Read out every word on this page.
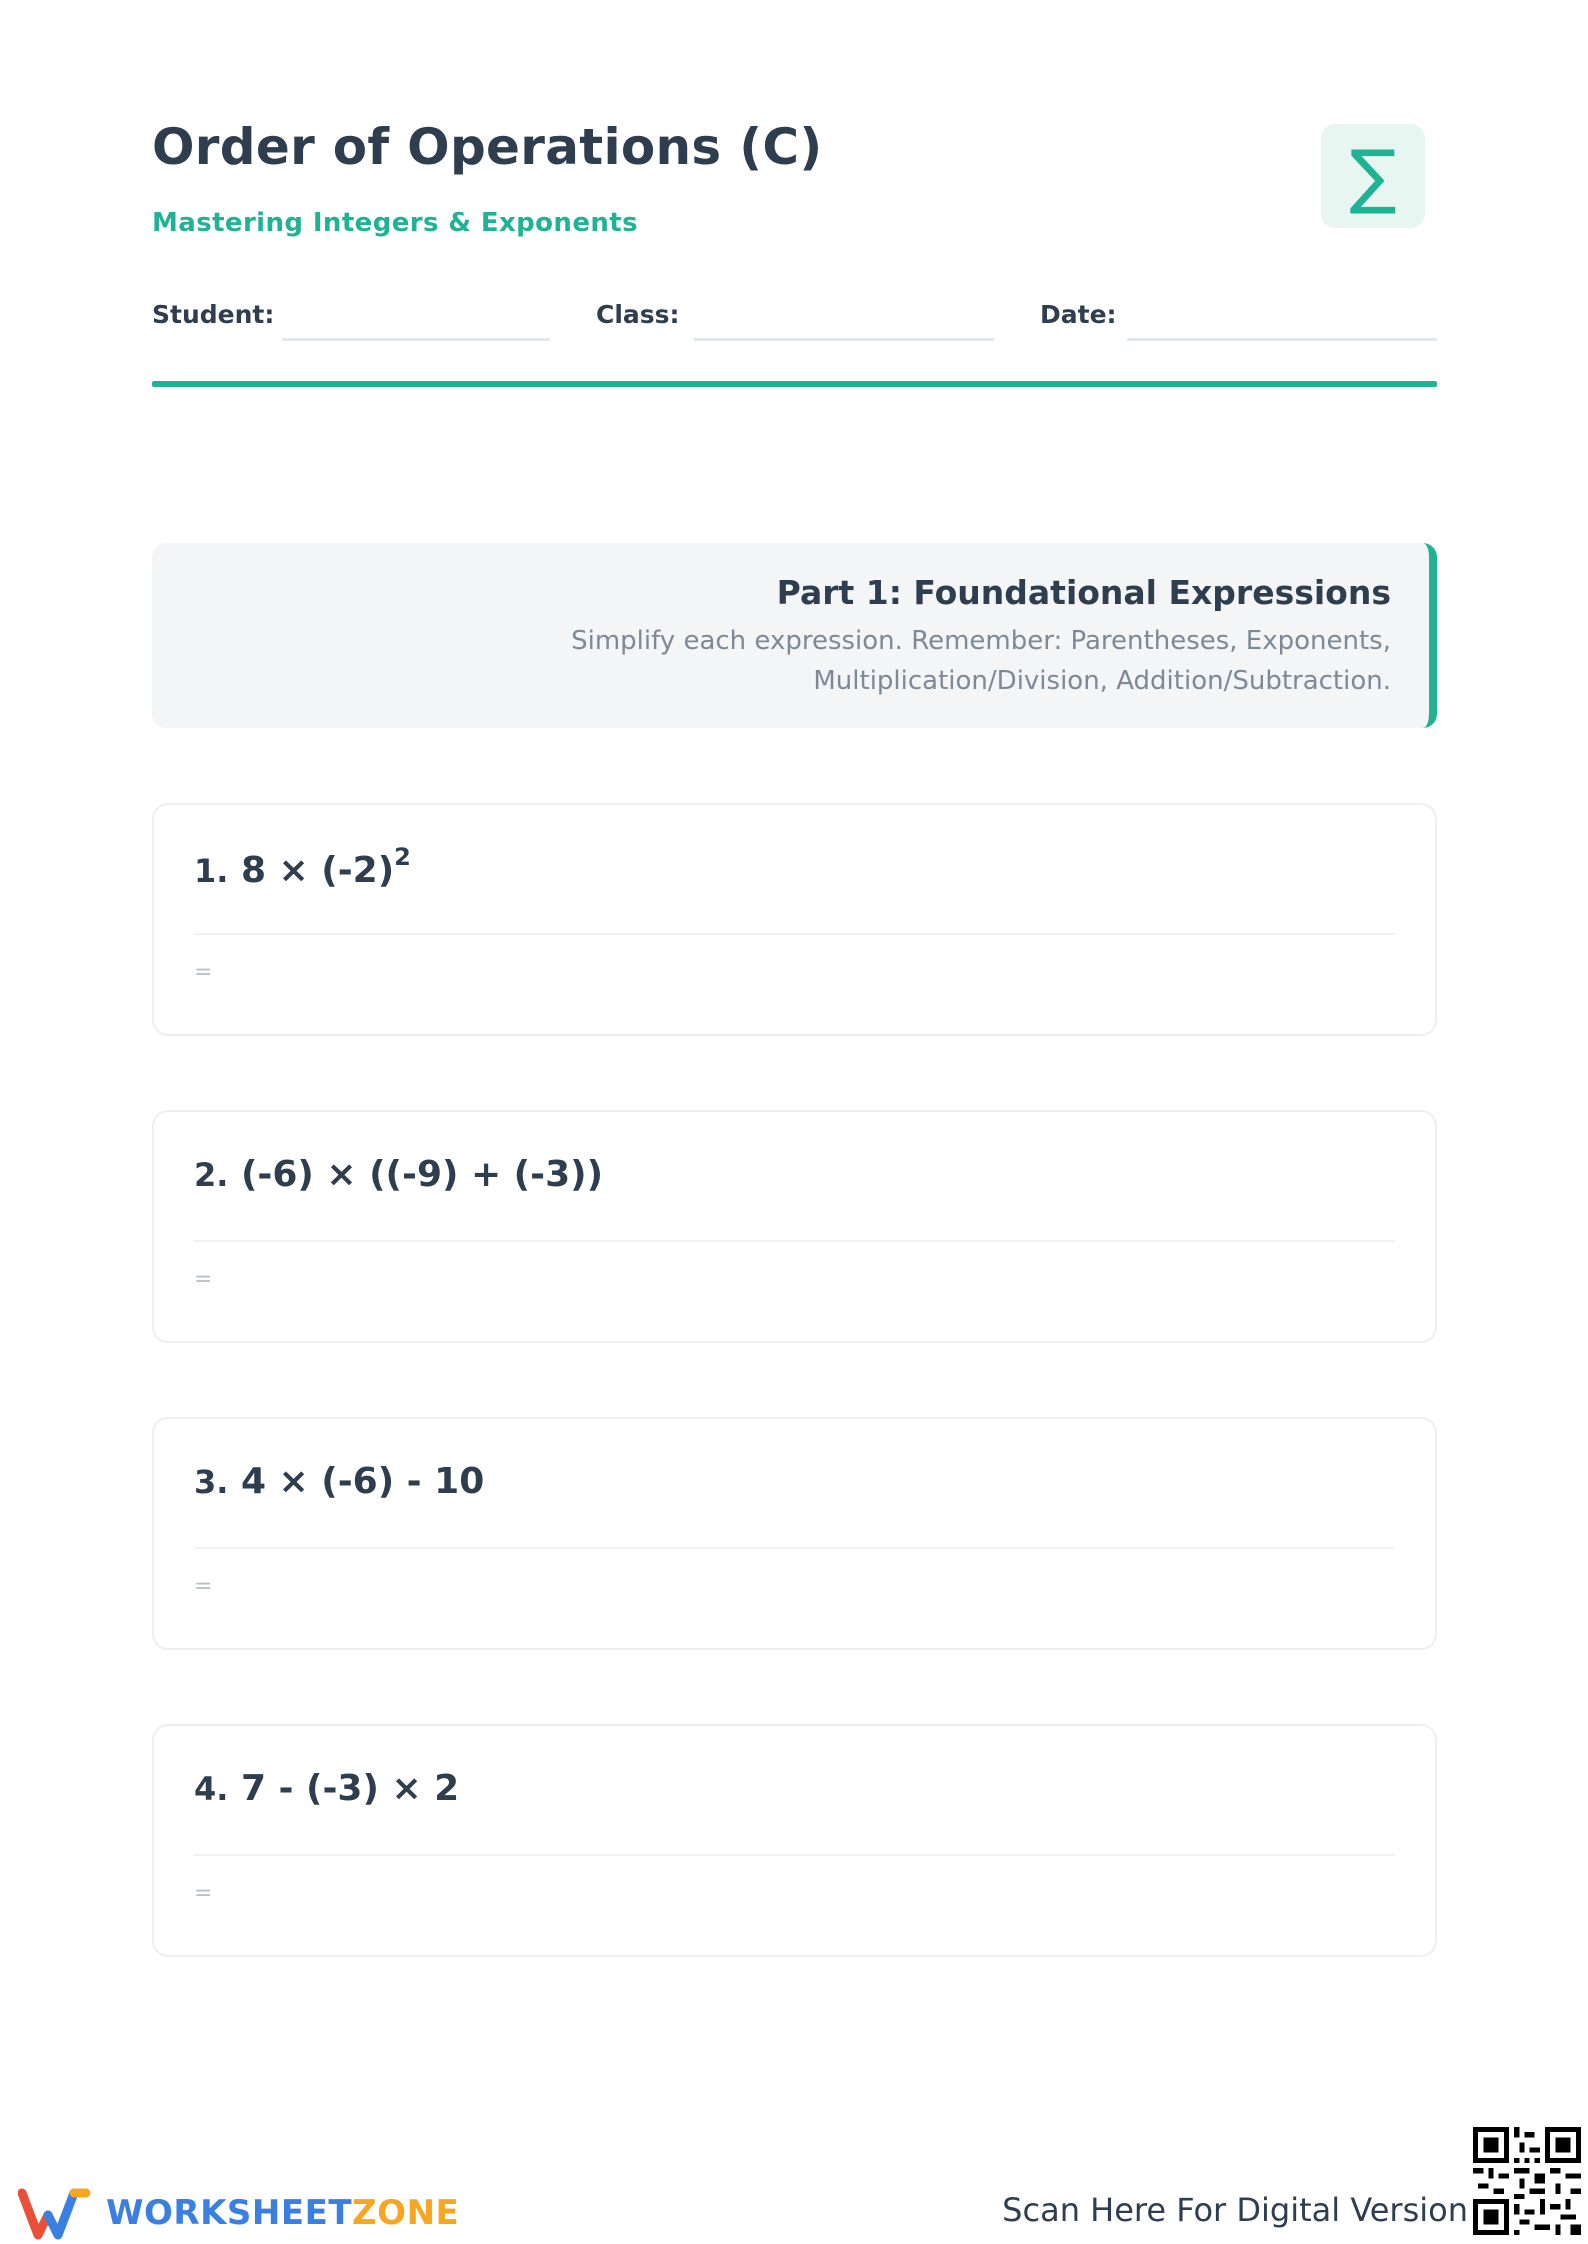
Order of Operations (C)
Mastering Integers & Exponents
∑
Student:	Class:	Date:
Part 1: Foundational Expressions
Simplify each expression. Remember: Parentheses, Exponents, Multiplication/Division, Addition/Subtraction.
1. $8 \times (-2)^2$
=
2. (-6) × ((-9) + (-3))
=
3. 4 × (-6) - 10
=
4. 7 - (-3) × 2
=
WORKSHEETZONE	Scan Here For Digital Version
